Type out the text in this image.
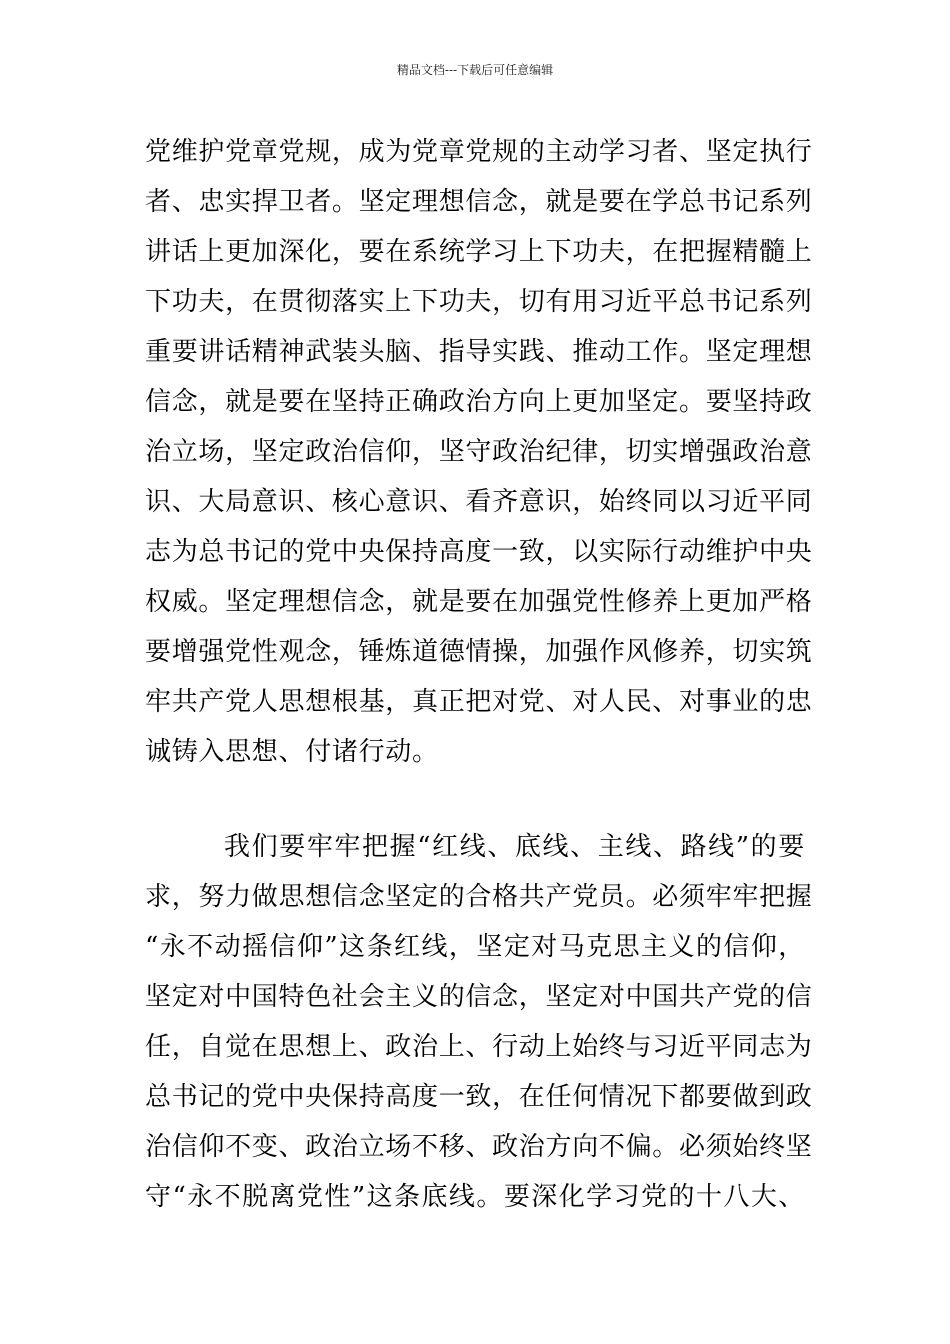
精品文档---下载后可任意编辑
党维护党章党规，成为党章党规的主动学习者、坚定执行
者、忠实捍卫者。坚定理想信念，就是要在学总书记系列
讲话上更加深化，要在系统学习上下功夫，在把握精髓上
下功夫，在贯彻落实上下功夫，切有用习近平总书记系列
重要讲话精神武装头脑、指导实践、推动工作。坚定理想
信念，就是要在坚持正确政治方向上更加坚定。要坚持政
治立场，坚定政治信仰，坚守政治纪律，切实增强政治意
识、大局意识、核心意识、看齐意识，始终同以习近平同
志为总书记的党中央保持高度一致，以实际行动维护中央
权威。坚定理想信念，就是要在加强党性修养上更加严格
要增强党性观念，锤炼道德情操，加强作风修养，切实筑
牢共产党人思想根基，真正把对党、对人民、对事业的忠
诚铸入思想、付诸行动。
我们要牢牢把握“红线、底线、主线、路线”的要
求，努力做思想信念坚定的合格共产党员。必须牢牢把握
“永不动摇信仰”这条红线，坚定对马克思主义的信仰，
坚定对中国特色社会主义的信念，坚定对中国共产党的信
任，自觉在思想上、政治上、行动上始终与习近平同志为
总书记的党中央保持高度一致，在任何情况下都要做到政
治信仰不变、政治立场不移、政治方向不偏。必须始终坚
守“永不脱离党性”这条底线。要深化学习党的十八大、
